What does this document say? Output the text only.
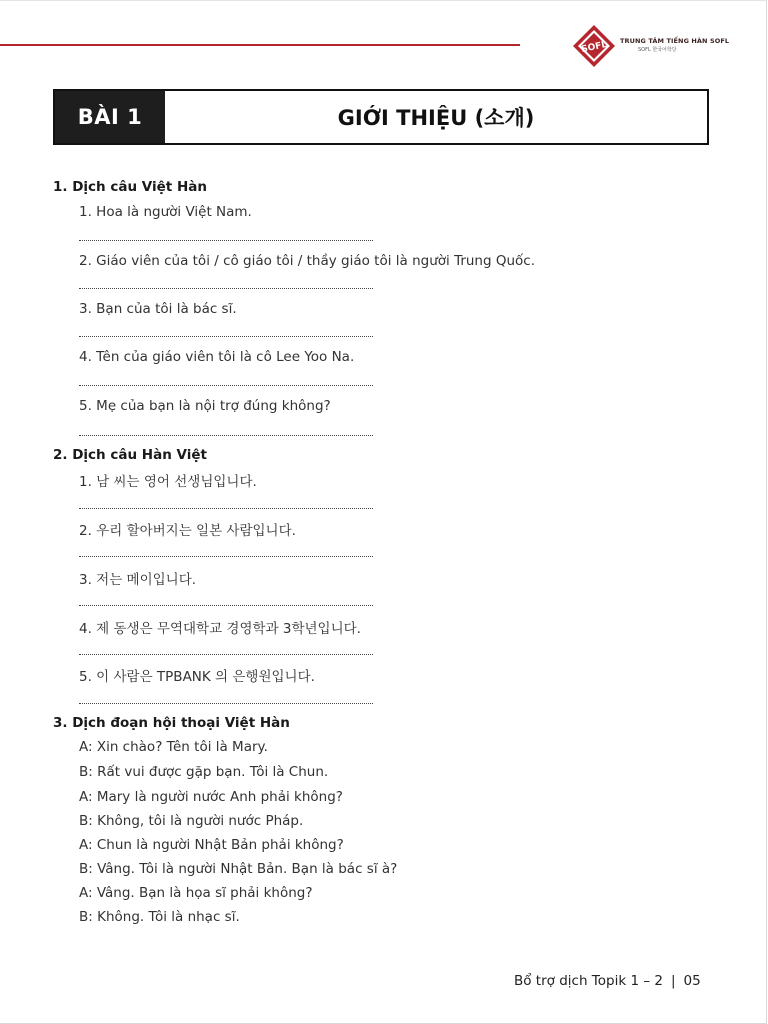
SOFL TRUNG TÂM TIẾNG HÀN SOFL
SOFL 한국어학당
BÀI 1	GIỚI THIỆU (소개)
1. Dịch câu Việt Hàn
1. Hoa là người Việt Nam.
2. Giáo viên của tôi / cô giáo tôi / thầy giáo tôi là người Trung Quốc.
3. Bạn của tôi là bác sĩ.
4. Tên của giáo viên tôi là cô Lee Yoo Na.
5. Mẹ của bạn là nội trợ đúng không?
2. Dịch câu Hàn Việt
1. 남 씨는 영어 선생님입니다.
2. 우리 할아버지는 일본 사람입니다.
3. 저는 메이입니다.
4. 제 동생은 무역대학교 경영학과 3학년입니다.
5. 이 사람은 TPBANK 의 은행원입니다.
3. Dịch đoạn hội thoại Việt Hàn
A: Xin chào? Tên tôi là Mary.
B: Rất vui được gặp bạn. Tôi là Chun.
A: Mary là người nước Anh phải không?
B: Không, tôi là người nước Pháp.
A: Chun là người Nhật Bản phải không?
B: Vâng. Tôi là người Nhật Bản. Bạn là bác sĩ à?
A: Vâng. Bạn là họa sĩ phải không?
B: Không. Tôi là nhạc sĩ.
Bổ trợ dịch Topik 1 – 2 | 05
